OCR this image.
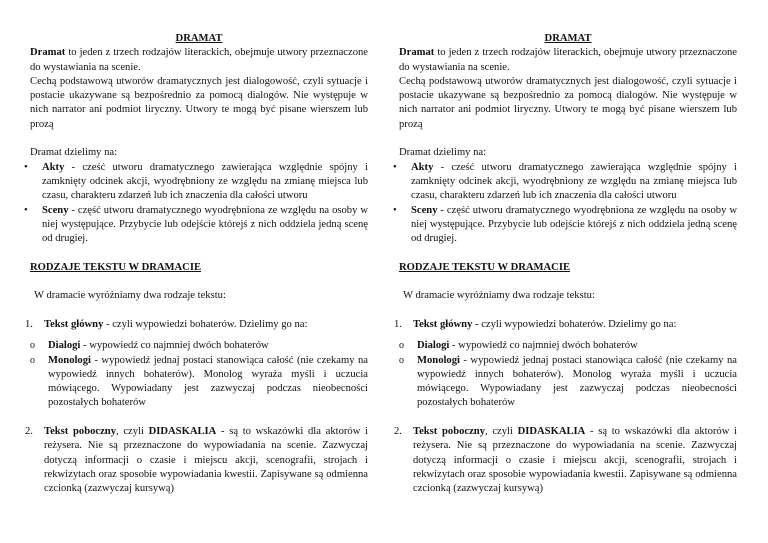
DRAMAT
Dramat to jeden z trzech rodzajów literackich, obejmuje utwory przeznaczone do wystawiania na scenie.
Cechą podstawową utworów dramatycznych jest dialogowość, czyli sytuacje i postacie ukazywane są bezpośrednio za pomocą dialogów. Nie występuje w nich narrator ani podmiot liryczny. Utwory te mogą być pisane wierszem lub prozą
Dramat dzielimy na:
• Akty - cześć utworu dramatycznego zawierająca względnie spójny i zamknięty odcinek akcji, wyodrębniony ze względu na zmianę miejsca lub czasu, charakteru zdarzeń lub ich znaczenia dla całości utworu
• Sceny - część utworu dramatycznego wyodrębniona ze względu na osoby w niej występujące. Przybycie lub odejście którejś z nich oddziela jedną scenę od drugiej.
RODZAJE TEKSTU W DRAMACIE
W dramacie wyróżniamy dwa rodzaje tekstu:
1. Tekst główny - czyli wypowiedzi bohaterów. Dzielimy go na:
o Dialogi - wypowiedź co najmniej dwóch bohaterów
o Monologi - wypowiedź jednaj postaci stanowiąca całość (nie czekamy na wypowiedź innych bohaterów). Monolog wyraża myśli i uczucia mówiącego. Wypowiadany jest zazwyczaj podczas nieobecności pozostałych bohaterów
2. Tekst poboczny, czyli DIDASKALIA - są to wskazówki dla aktorów i reżysera. Nie są przeznaczone do wypowiadania na scenie. Zazwyczaj dotyczą informacji o czasie i miejscu akcji, scenografii, strojach i rekwizytach oraz sposobie wypowiadania kwestii. Zapisywane są odmienna czcionką (zazwyczaj kursywą)
DRAMAT
Dramat to jeden z trzech rodzajów literackich, obejmuje utwory przeznaczone do wystawiania na scenie.
Cechą podstawową utworów dramatycznych jest dialogowość, czyli sytuacje i postacie ukazywane są bezpośrednio za pomocą dialogów. Nie występuje w nich narrator ani podmiot liryczny. Utwory te mogą być pisane wierszem lub prozą
Dramat dzielimy na:
• Akty - cześć utworu dramatycznego zawierająca względnie spójny i zamknięty odcinek akcji, wyodrębniony ze względu na zmianę miejsca lub czasu, charakteru zdarzeń lub ich znaczenia dla całości utworu
• Sceny - część utworu dramatycznego wyodrębniona ze względu na osoby w niej występujące. Przybycie lub odejście którejś z nich oddziela jedną scenę od drugiej.
RODZAJE TEKSTU W DRAMACIE
W dramacie wyróżniamy dwa rodzaje tekstu:
1. Tekst główny - czyli wypowiedzi bohaterów. Dzielimy go na:
o Dialogi - wypowiedź co najmniej dwóch bohaterów
o Monologi - wypowiedź jednaj postaci stanowiąca całość (nie czekamy na wypowiedź innych bohaterów). Monolog wyraża myśli i uczucia mówiącego. Wypowiadany jest zazwyczaj podczas nieobecności pozostałych bohaterów
2. Tekst poboczny, czyli DIDASKALIA - są to wskazówki dla aktorów i reżysera. Nie są przeznaczone do wypowiadania na scenie. Zazwyczaj dotyczą informacji o czasie i miejscu akcji, scenografii, strojach i rekwizytach oraz sposobie wypowiadania kwestii. Zapisywane są odmienna czcionką (zazwyczaj kursywą)
